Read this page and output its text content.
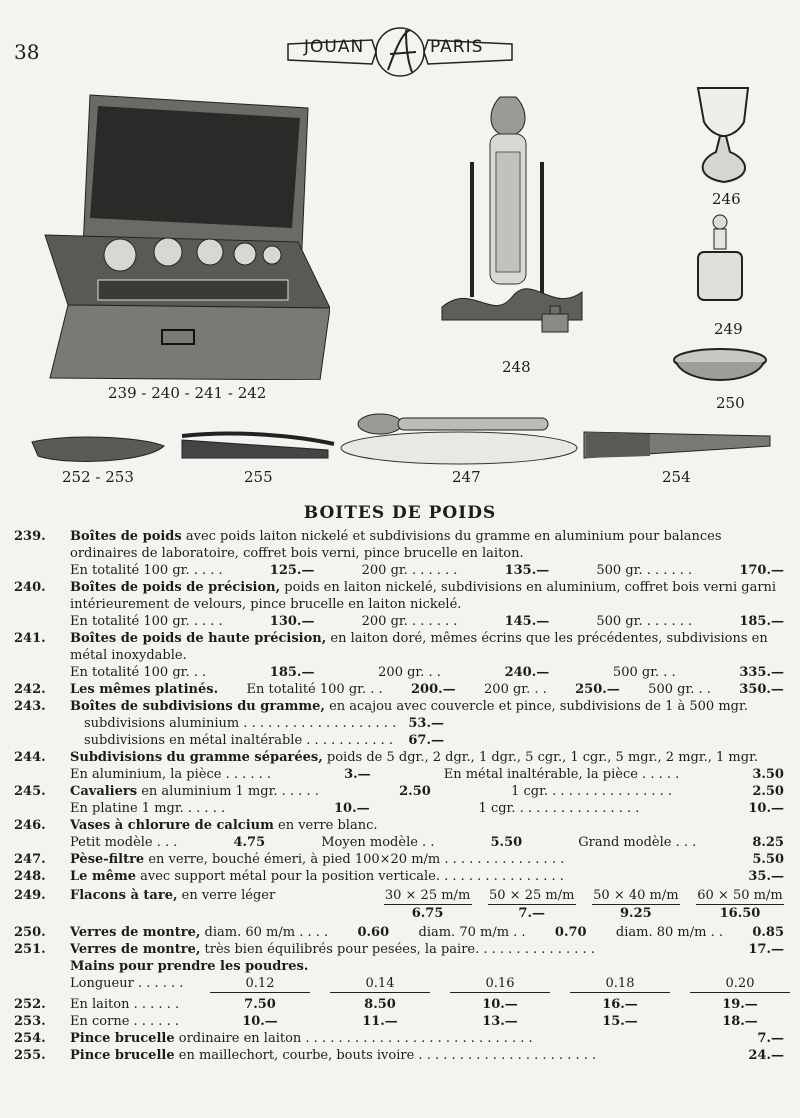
38	JOUAN	PARIS
239 - 240 - 241 - 242
248
246
249
250
252 - 253	255	247	254
BOITES DE POIDS
239.	Boîtes de poids avec poids laiton nickelé et subdivisions du gramme en aluminium pour balances ordinaires de laboratoire, coffret bois verni, pince brucelle en laiton.
En totalité 100 gr. . . . .	125.—	200 gr. . . . . . .	135.—	500 gr. . . . . . .	170.—
240.	Boîtes de poids de précision, poids en laiton nickelé, subdivisions en aluminium, coffret bois verni garni intérieurement de velours, pince brucelle en laiton nickelé.
En totalité 100 gr. . . . .	130.—	200 gr. . . . . . .	145.—	500 gr. . . . . . .	185.—
241.	Boîtes de poids de haute précision, en laiton doré, mêmes écrins que les précédentes, subdivisions en métal inoxydable.
En totalité 100 gr. . .	185.—	200 gr. . .	240.—	500 gr. . .	335.—
242.	Les mêmes platinés. En totalité 100 gr. . . 200.— 200 gr. . . 250.— 500 gr. . . 350.—
243.	Boîtes de subdivisions du gramme, en acajou avec couvercle et pince, subdivisions de 1 à 500 mgr.
subdivisions aluminium . . . . . . . . . . . . . . . . . . . 53.—
subdivisions en métal inaltérable . . . . . . . . . . . 67.—
244.	Subdivisions du gramme séparées, poids de 5 dgr., 2 dgr., 1 dgr., 5 cgr., 1 cgr., 5 mgr., 2 mgr., 1 mgr.
En aluminium, la pièce . . . . . .	3.—	En métal inaltérable, la pièce . . . . .	3.50
245.	Cavaliers en aluminium 1 mgr. . . . . .	2.50	1 cgr. . . . . . . . . . . . . . . .	2.50
En platine 1 mgr. . . . . .	10.—	1 cgr. . . . . . . . . . . . . . . .	10.—
246.	Vases à chlorure de calcium en verre blanc.
Petit modèle . . .	4.75	Moyen modèle . .	5.50	Grand modèle . . .	8.25
247.	Pèse-filtre en verre, bouché émeri, à pied 100×20 m/m . . . . . . . . . . . . . . .	5.50
248.	Le même avec support métal pour la position verticale. . . . . . . . . . . . . . . .	35.—
249.	Flacons à tare, en verre léger	$\frac{30 \times 25 m/m}{6.75}$
$\frac{50 \times 25 m/m}{7.—}$
$\frac{50 \times 40 m/m}{9.25}$
$\frac{60 \times 50 m/m}{16.50}$
250.	Verres de montre, diam. 60 m/m . . . . 0.60 diam. 70 m/m . . 0.70 diam. 80 m/m . . 0.85
251.	Verres de montre, très bien équilibrés pour pesées, la paire. . . . . . . . . . . . . . .	17.—
Mains pour prendre les poudres.
Longueur . . . . . .	0.12	0.14	0.16	0.18	0.20
252.	En laiton . . . . . .	7.50	8.50	10.—	16.—	19.—
253.	En corne . . . . . .	10.—	11.—	13.—	15.—	18.—
254.	Pince brucelle ordinaire en laiton . . . . . . . . . . . . . . . . . . . . . . . . . . . .	7.—
255.	Pince brucelle en maillechort, courbe, bouts ivoire . . . . . . . . . . . . . . . . . . . . . .	24.—
